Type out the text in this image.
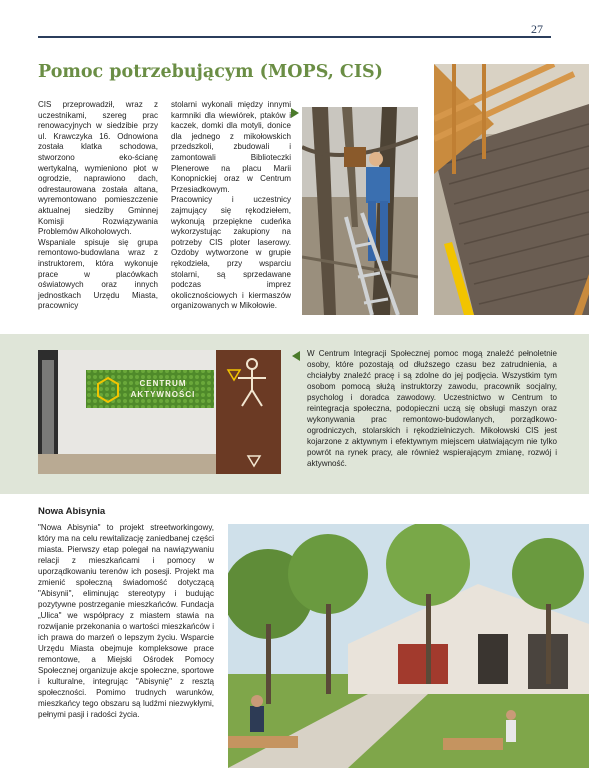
27
Pomoc potrzebującym (MOPS, CIS)

CIS przeprowadził, wraz z uczestnikami, szereg prac renowacyjnych w siedzibie przy ul. Krawczyka 16. Odnowiona została klatka schodowa, stworzono eko-ścianę wertykalną, wymieniono płot w ogrodzie, naprawiono dach, odrestaurowana została altana, wyremontowano pomieszczenie aktualnej siedziby Gminnej Komisji Rozwiązywania Problemów Alkoholowych.

Wspaniale spisuje się grupa remontowo-budowlana wraz z instruktorem, która wykonuje prace w placówkach oświatowych oraz innych jednostkach Urzędu Miasta, pracownicy

stolarni wykonali między innymi karmniki dla wiewiórek, ptaków i kaczek, domki dla motyli, donice dla jednego z mikołowskich przedszkoli, zbudowali i zamontowali Biblioteczki Plenerowe na placu Marii Konopnickiej oraz w Centrum Przesiadkowym.

Pracownicy i uczestnicy zajmujący się rękodziełem, wykonują przepiękne cudeńka wykorzystując zakupiony na potrzeby CIS ploter laserowy. Ozdoby wytworzone w grupie rękodzieła, przy wsparciu stolarni, są sprzedawane podczas imprez okolicznościowych i kiermaszów organizowanych w Mikołowie.

CENTRUM AKTYWNOŚCI
W Centrum Integracji Społecznej pomoc mogą znaleźć pełnoletnie osoby, które pozostają od dłuższego czasu bez zatrudnienia, a chciałyby znaleźć pracę i są zdolne do jej podjęcia. Wszystkim tym osobom pomocą służą instruktorzy zawodu, pracownik socjalny, psycholog i doradca zawodowy. Uczestnictwo w Centrum to reintegracja społeczna, podopieczni uczą się obsługi maszyn oraz wykonywania prac remontowo-budowlanych, porządkowo-ogrodniczych, stolarskich i rękodzielniczych. Mikołowski CIS jest kojarzone z aktywnym i efektywnym miejscem ułatwiającym nie tylko powrót na rynek pracy, ale również wspierającym zmianę, rozwój i aktywność.
Nowa Abisynia
"Nowa Abisynia" to projekt streetworkingowy, który ma na celu rewitalizację zaniedbanej części miasta. Pierwszy etap polegał na nawiązywaniu relacji z mieszkańcami i pomocy w uporządkowaniu terenów ich posesji. Projekt ma zmienić społeczną świadomość dotyczącą "Abisynii", eliminując stereotypy i budując pozytywne postrzeganie mieszkańców. Fundacja „Ulica" we współpracy z miastem stawia na rozwijanie przekonania o wartości mieszkańców i ich prawa do marzeń o lepszym życiu. Wsparcie Urzędu Miasta obejmuje kompleksowe prace remontowe, a Miejski Ośrodek Pomocy Społecznej organizuje akcje społeczne, sportowe i kulturalne, integrując "Abisynię" z resztą społeczności. Pomimo trudnych warunków, mieszkańcy tego obszaru są ludźmi niezwykłymi, pełnymi pasji i radości życia.
